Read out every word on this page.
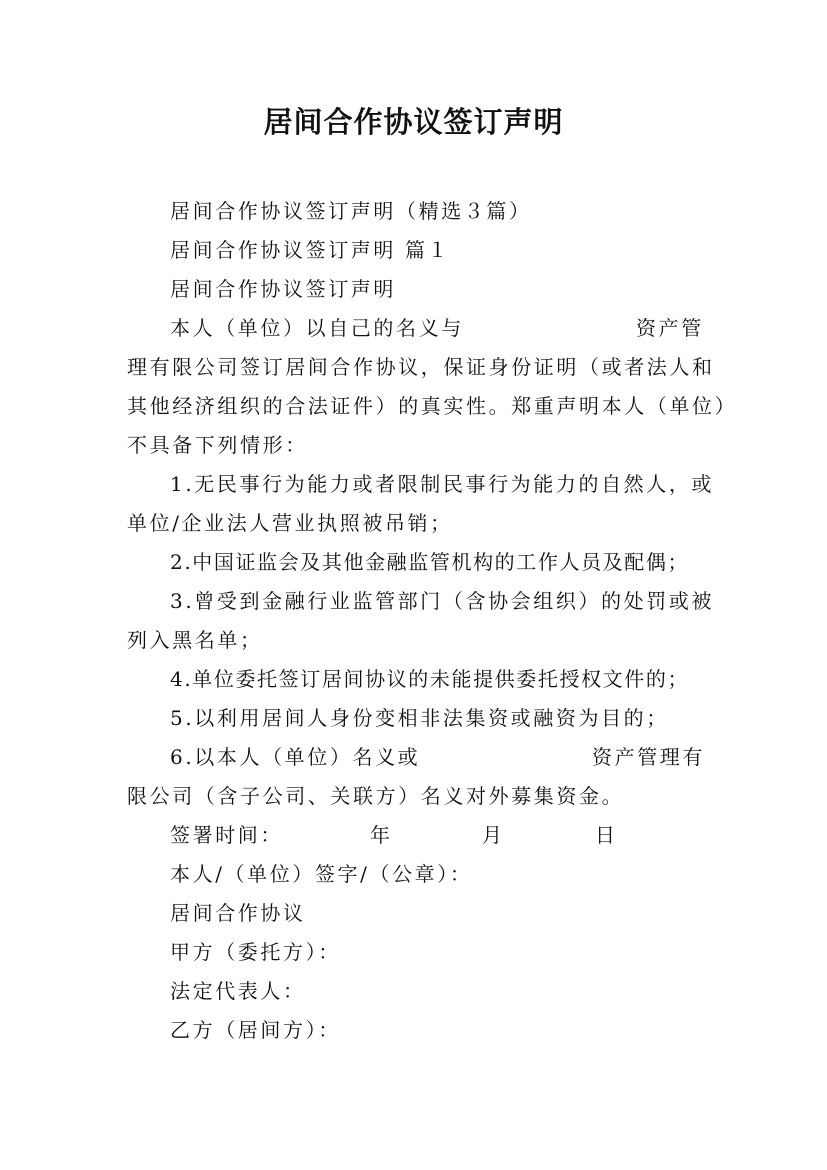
居间合作协议签订声明
居间合作协议签订声明（精选３篇）
居间合作协议签订声明 篇１
居间合作协议签订声明
本人（单位）以自己的名义与	资产管
理有限公司签订居间合作协议，保证身份证明（或者法人和
其他经济组织的合法证件）的真实性。郑重声明本人（单位）
不具备下列情形：
1.无民事行为能力或者限制民事行为能力的自然人，或
单位/企业法人营业执照被吊销；
2.中国证监会及其他金融监管机构的工作人员及配偶；
3.曾受到金融行业监管部门（含协会组织）的处罚或被
列入黑名单；
4.单位委托签订居间协议的未能提供委托授权文件的；
5.以利用居间人身份变相非法集资或融资为目的；
6.以本人（单位）名义或	资产管理有
限公司（含子公司、关联方）名义对外募集资金。
签署时间：	年	月	日
本人/（单位）签字/（公章）：
居间合作协议
甲方（委托方）：
法定代表人：
乙方（居间方）：
